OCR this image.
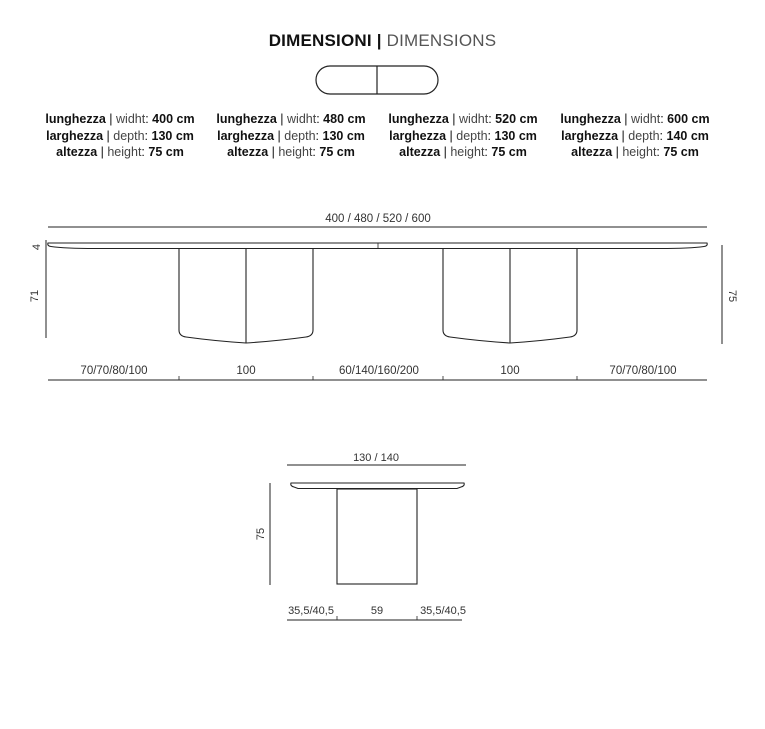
DIMENSIONI | DIMENSIONS
lunghezza | widht: 400 cm
larghezza | depth: 130 cm
altezza | height: 75 cm
lunghezza | widht: 480 cm
larghezza | depth: 130 cm
altezza | height: 75 cm
lunghezza | widht: 520 cm
larghezza | depth: 130 cm
altezza | height: 75 cm
lunghezza | widht: 600 cm
larghezza | depth: 140 cm
altezza | height: 75 cm
400 / 480 / 520 / 600
4
71	75
70/70/80/100	100	60/140/160/200	100	70/70/80/100
130 / 140
75
35,5/40,5	59	35,5/40,5
